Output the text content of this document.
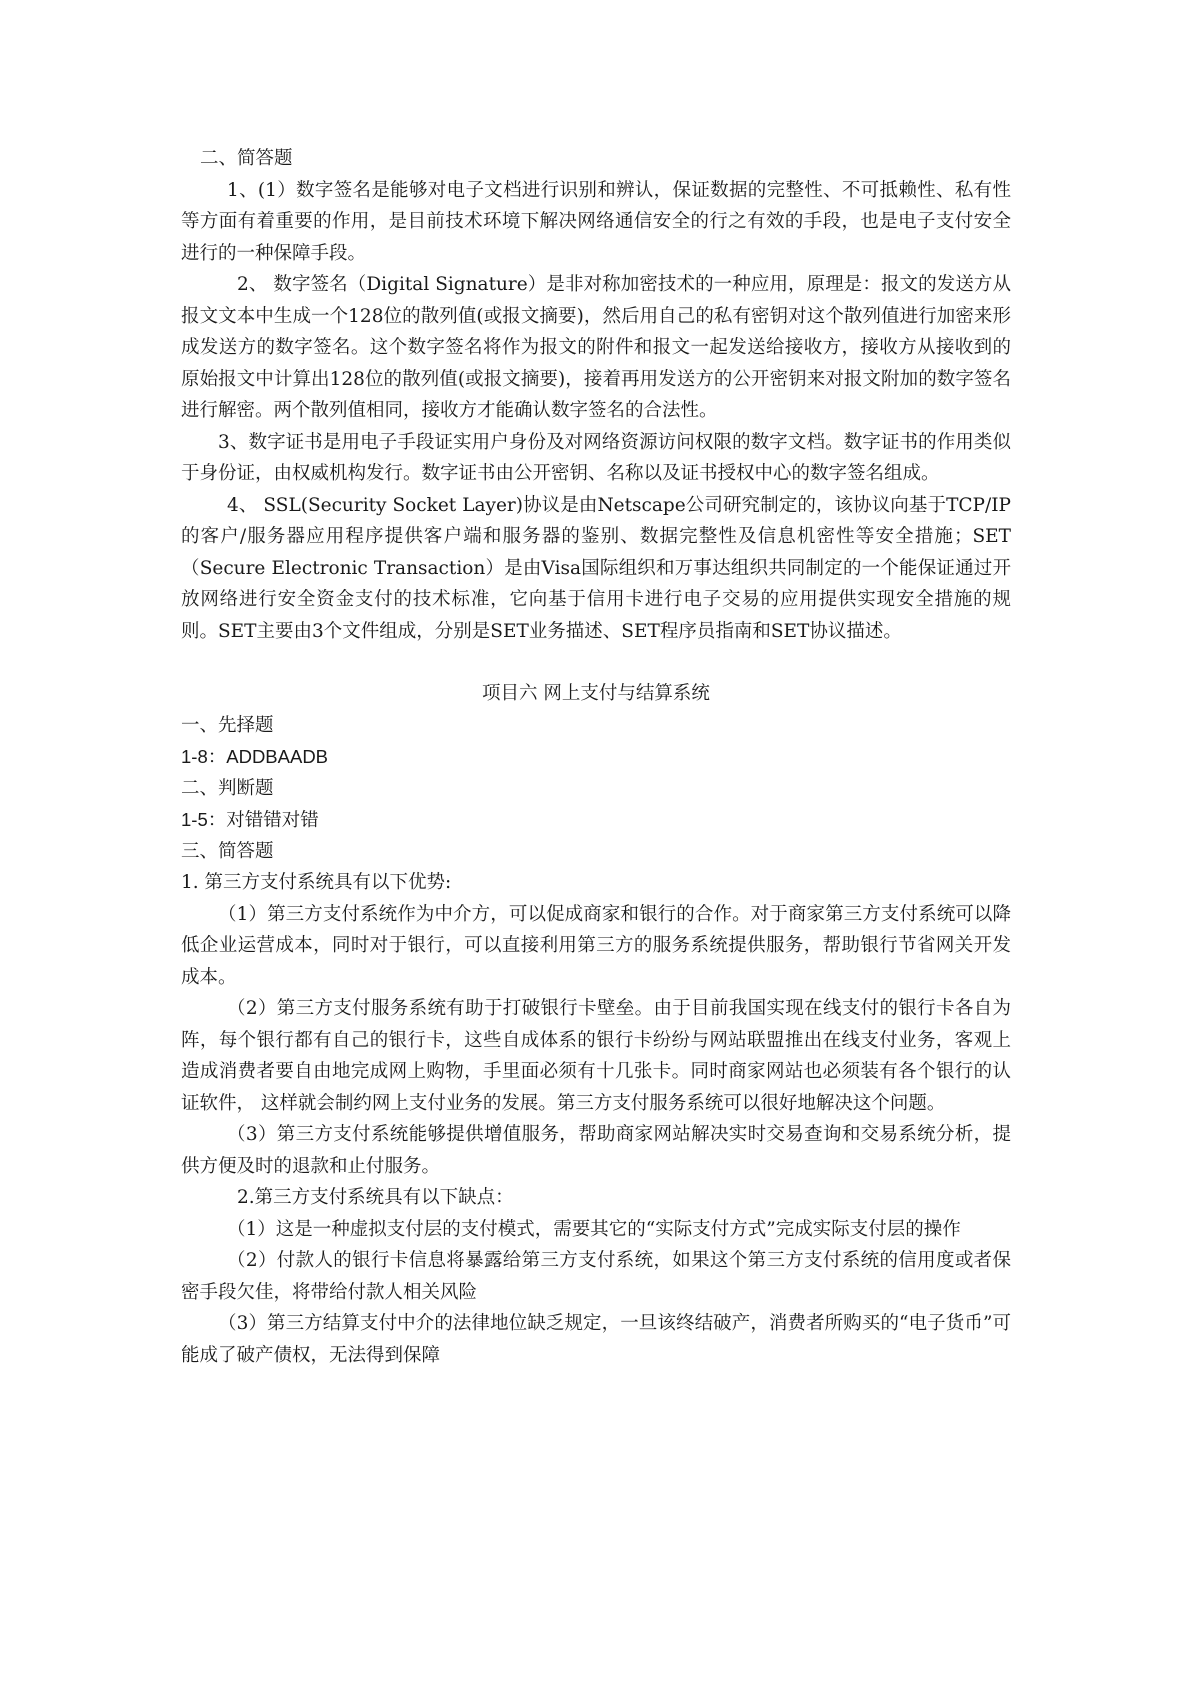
二、简答题

1、(1）数字签名是能够对电子文档进行识别和辨认，保证数据的完整性、不可抵赖性、私有性等方面有着重要的作用，是目前技术环境下解决网络通信安全的行之有效的手段，也是电子支付安全进行的一种保障手段。

2、 数字签名（Digital Signature）是非对称加密技术的一种应用，原理是：报文的发送方从报文文本中生成一个128位的散列值(或报文摘要)，然后用自己的私有密钥对这个散列值进行加密来形成发送方的数字签名。这个数字签名将作为报文的附件和报文一起发送给接收方，接收方从接收到的原始报文中计算出128位的散列值(或报文摘要)，接着再用发送方的公开密钥来对报文附加的数字签名进行解密。两个散列值相同，接收方才能确认数字签名的合法性。

3、数字证书是用电子手段证实用户身份及对网络资源访问权限的数字文档。数字证书的作用类似于身份证，由权威机构发行。数字证书由公开密钥、名称以及证书授权中心的数字签名组成。

4、 SSL(Security Socket Layer)协议是由Netscape公司研究制定的，该协议向基于TCP/IP的客户/服务器应用程序提供客户端和服务器的鉴别、数据完整性及信息机密性等安全措施；SET（Secure Electronic Transaction）是由Visa国际组织和万事达组织共同制定的一个能保证通过开放网络进行安全资金支付的技术标准，它向基于信用卡进行电子交易的应用提供实现安全措施的规则。SET主要由3个文件组成，分别是SET业务描述、SET程序员指南和SET协议描述。

项目六 网上支付与结算系统

一、先择题

1-8：ADDBAADB

二、判断题

1-5：对错错对错

三、简答题

1. 第三方支付系统具有以下优势:

（1）第三方支付系统作为中介方，可以促成商家和银行的合作。对于商家第三方支付系统可以降低企业运营成本，同时对于银行，可以直接利用第三方的服务系统提供服务，帮助银行节省网关开发成本。

（2）第三方支付服务系统有助于打破银行卡壁垒。由于目前我国实现在线支付的银行卡各自为阵，每个银行都有自己的银行卡，这些自成体系的银行卡纷纷与网站联盟推出在线支付业务，客观上造成消费者要自由地完成网上购物，手里面必须有十几张卡。同时商家网站也必须装有各个银行的认证软件， 这样就会制约网上支付业务的发展。第三方支付服务系统可以很好地解决这个问题。

（3）第三方支付系统能够提供增值服务，帮助商家网站解决实时交易查询和交易系统分析，提供方便及时的退款和止付服务。

2.第三方支付系统具有以下缺点：

（1）这是一种虚拟支付层的支付模式，需要其它的“实际支付方式”完成实际支付层的操作

（2）付款人的银行卡信息将暴露给第三方支付系统，如果这个第三方支付系统的信用度或者保密手段欠佳，将带给付款人相关风险

（3）第三方结算支付中介的法律地位缺乏规定，一旦该终结破产，消费者所购买的“电子货币”可能成了破产债权，无法得到保障
